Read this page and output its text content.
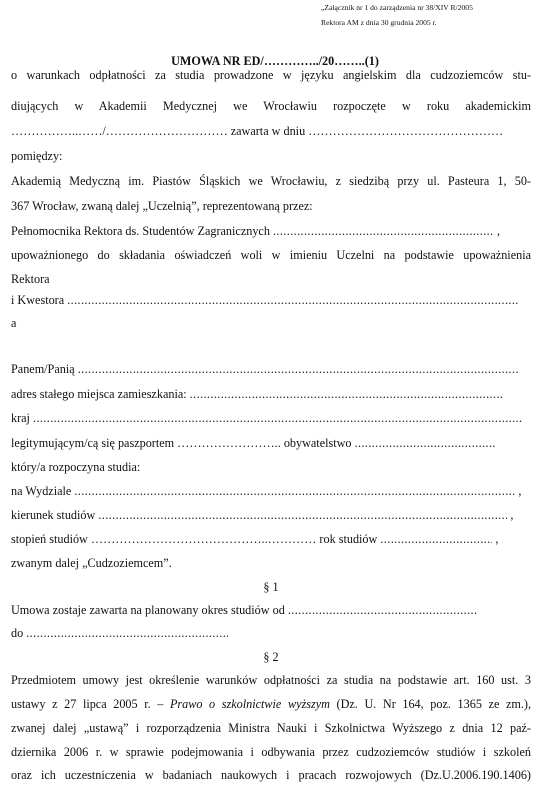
„Załącznik nr 1 do zarządzenia nr 38/XIV R/2005
Rektora AM z dnia 30 grudnia 2005 r.
UMOWA NR ED/…………../20……..(1)
o warunkach odpłatności za studia prowadzone w języku angielskim dla cudzoziemców stu-
diujących w Akademii Medycznej we Wrocławiu rozpoczęte w roku akademickim
……………..……/………………………… zawarta w dniu …………………………………………
pomiędzy:
Akademią Medyczną im. Piastów Śląskich we Wrocławiu, z siedzibą przy ul. Pasteura 1, 50-
367 Wrocław, zwaną dalej „Uczelnią”, reprezentowaną przez:
Pełnomocnika Rektora ds. Studentów Zagranicznych .....	,
upoważnionego do składania oświadczeń woli w imieniu Uczelni na podstawie upoważnienia
Rektora
i Kwestora .....
a
Panem/Panią .....
adres stałego miejsca zamieszkania: .....
kraj .....
legitymującym/cą się paszportem …………………….. obywatelstwo .....
który/a rozpoczyna studia:
na Wydziale .....	,
kierunek studiów .....	,
stopień studiów ……………………………………..………… rok studiów .....	,
zwanym dalej „Cudzoziemcem”.
§ 1
Umowa zostaje zawarta na planowany okres studiów od .....
do .....
§ 2
Przedmiotem umowy jest określenie warunków odpłatności za studia na podstawie art. 160 ust. 3
ustawy z 27 lipca 2005 r. – Prawo o szkolnictwie wyższym (Dz. U. Nr 164, poz. 1365 ze zm.),
zwanej dalej „ustawą” i rozporządzenia Ministra Nauki i Szkolnictwa Wyższego z dnia 12 paź-
dziernika 2006 r. w sprawie podejmowania i odbywania przez cudzoziemców studiów i szkoleń
oraz ich uczestniczenia w badaniach naukowych i pracach rozwojowych (Dz.U.2006.190.1406)
